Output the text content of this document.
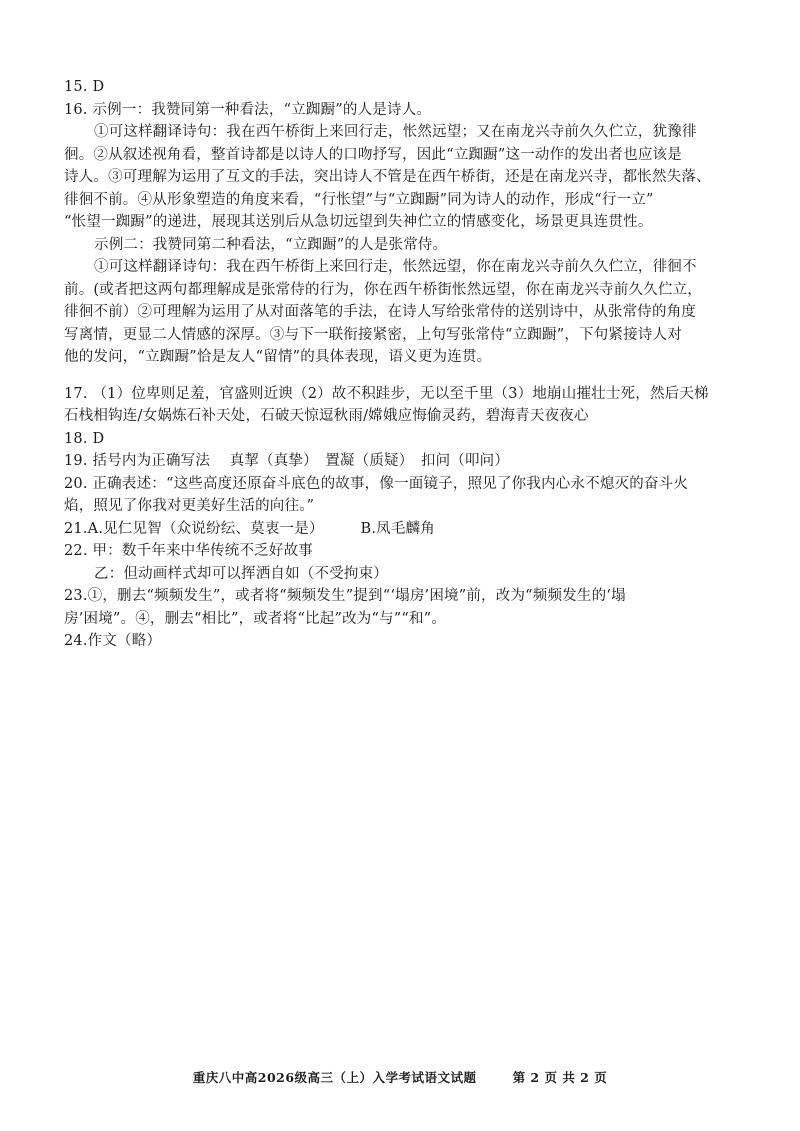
15. D
16. 示例一：我赞同第一种看法，“立踟蹰”的人是诗人。
①可这样翻译诗句：我在西午桥街上来回行走，怅然远望；又在南龙兴寺前久久伫立，犹豫徘
徊。②从叙述视角看，整首诗都是以诗人的口吻抒写，因此“立踟蹰”这一动作的发出者也应该是
诗人。③可理解为运用了互文的手法，突出诗人不管是在西午桥街，还是在南龙兴寺，都怅然失落、
徘徊不前。④从形象塑造的角度来看，“行怅望”与“立踟蹰”同为诗人的动作，形成“行一立”
“怅望一踟蹰”的递进，展现其送别后从急切远望到失神伫立的情感变化，场景更具连贯性。
示例二：我赞同第二种看法，“立踟蹰”的人是张常侍。
①可这样翻译诗句：我在西午桥街上来回行走，怅然远望，你在南龙兴寺前久久伫立，徘徊不
前。(或者把这两句都理解成是张常侍的行为，你在西午桥街怅然远望，你在南龙兴寺前久久伫立，
徘徊不前）②可理解为运用了从对面落笔的手法，在诗人写给张常侍的送别诗中，从张常侍的角度
写离情，更显二人情感的深厚。③与下一联衔接紧密，上句写张常侍“立踟蹰”，下句紧接诗人对
他的发问，“立踟蹰”恰是友人“留情”的具体表现，语义更为连贯。
17. （1）位卑则足羞，官盛则近谀（2）故不积跬步，无以至千里（3）地崩山摧壮士死，然后天梯
石栈相钩连/女娲炼石补天处，石破天惊逗秋雨/嫦娥应悔偷灵药，碧海青天夜夜心
18. D
19. 括号内为正确写法　 真挈（真挚）　置凝（质疑）　扣问（叩问）
20. 正确表述：“这些高度还原奋斗底色的故事，像一面镜子，照见了你我内心永不熄灭的奋斗火
焰，照见了你我对更美好生活的向往。”
21.A.见仁见智（众说纷纭、莫衷一是）　　　B.凤毛麟角
22. 甲：数千年来中华传统不乏好故事
乙：但动画样式却可以挥洒自如（不受拘束）
23.①，删去“频频发生”，或者将“频频发生”提到“‘塌房’困境”前，改为“频频发生的‘塌
房’困境”。④，删去“相比”，或者将“比起”改为“与”“和”。
24.作文（略）
重庆八中高2026级高三（上）入学考试语文试题	第 2 页 共 2 页
